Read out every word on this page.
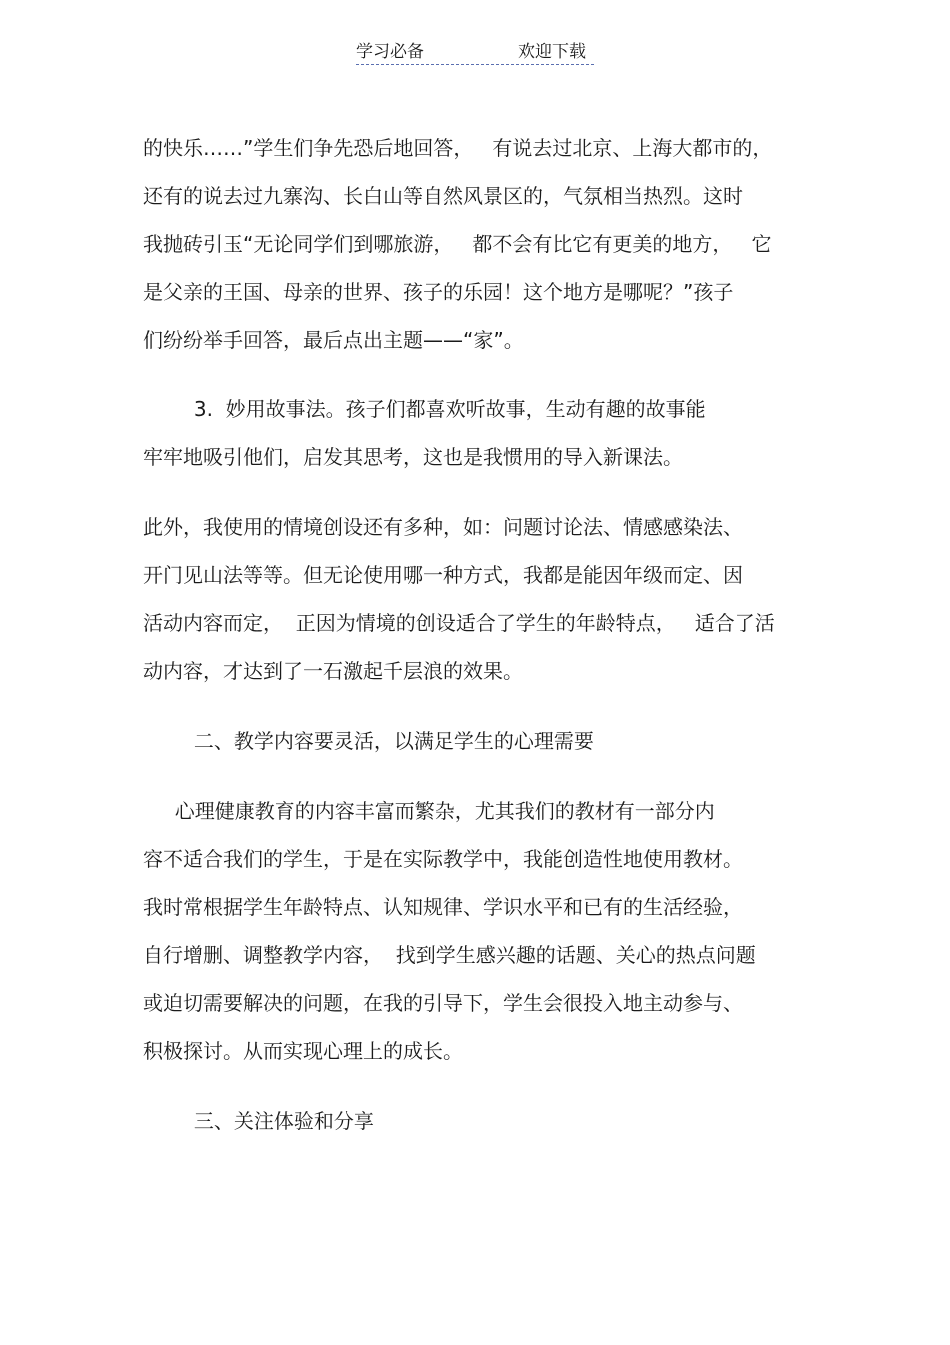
学习必备	欢迎下载

的快乐……”学生们争先恐后地回答，   有说去过北京、上海大都市的，

还有的说去过九寨沟、长白山等自然风景区的，气氛相当热烈。这时

我抛砖引玉“无论同学们到哪旅游，   都不会有比它有更美的地方，   它

是父亲的王国、母亲的世界、孩子的乐园！这个地方是哪呢？”孩子

们纷纷举手回答，最后点出主题——“家”。

3.  妙用故事法。孩子们都喜欢听故事，生动有趣的故事能

牢牢地吸引他们，启发其思考，这也是我惯用的导入新课法。

此外，我使用的情境创设还有多种，如：问题讨论法、情感感染法、

开门见山法等等。但无论使用哪一种方式，我都是能因年级而定、因

活动内容而定，  正因为情境的创设适合了学生的年龄特点，   适合了活

动内容，才达到了一石激起千层浪的效果。

二、教学内容要灵活，以满足学生的心理需要

心理健康教育的内容丰富而繁杂，尤其我们的教材有一部分内

容不适合我们的学生，于是在实际教学中，我能创造性地使用教材。

我时常根据学生年龄特点、认知规律、学识水平和已有的生活经验，

自行增删、调整教学内容，  找到学生感兴趣的话题、关心的热点问题

或迫切需要解决的问题，在我的引导下，学生会很投入地主动参与、

积极探讨。从而实现心理上的成长。

三、关注体验和分享
